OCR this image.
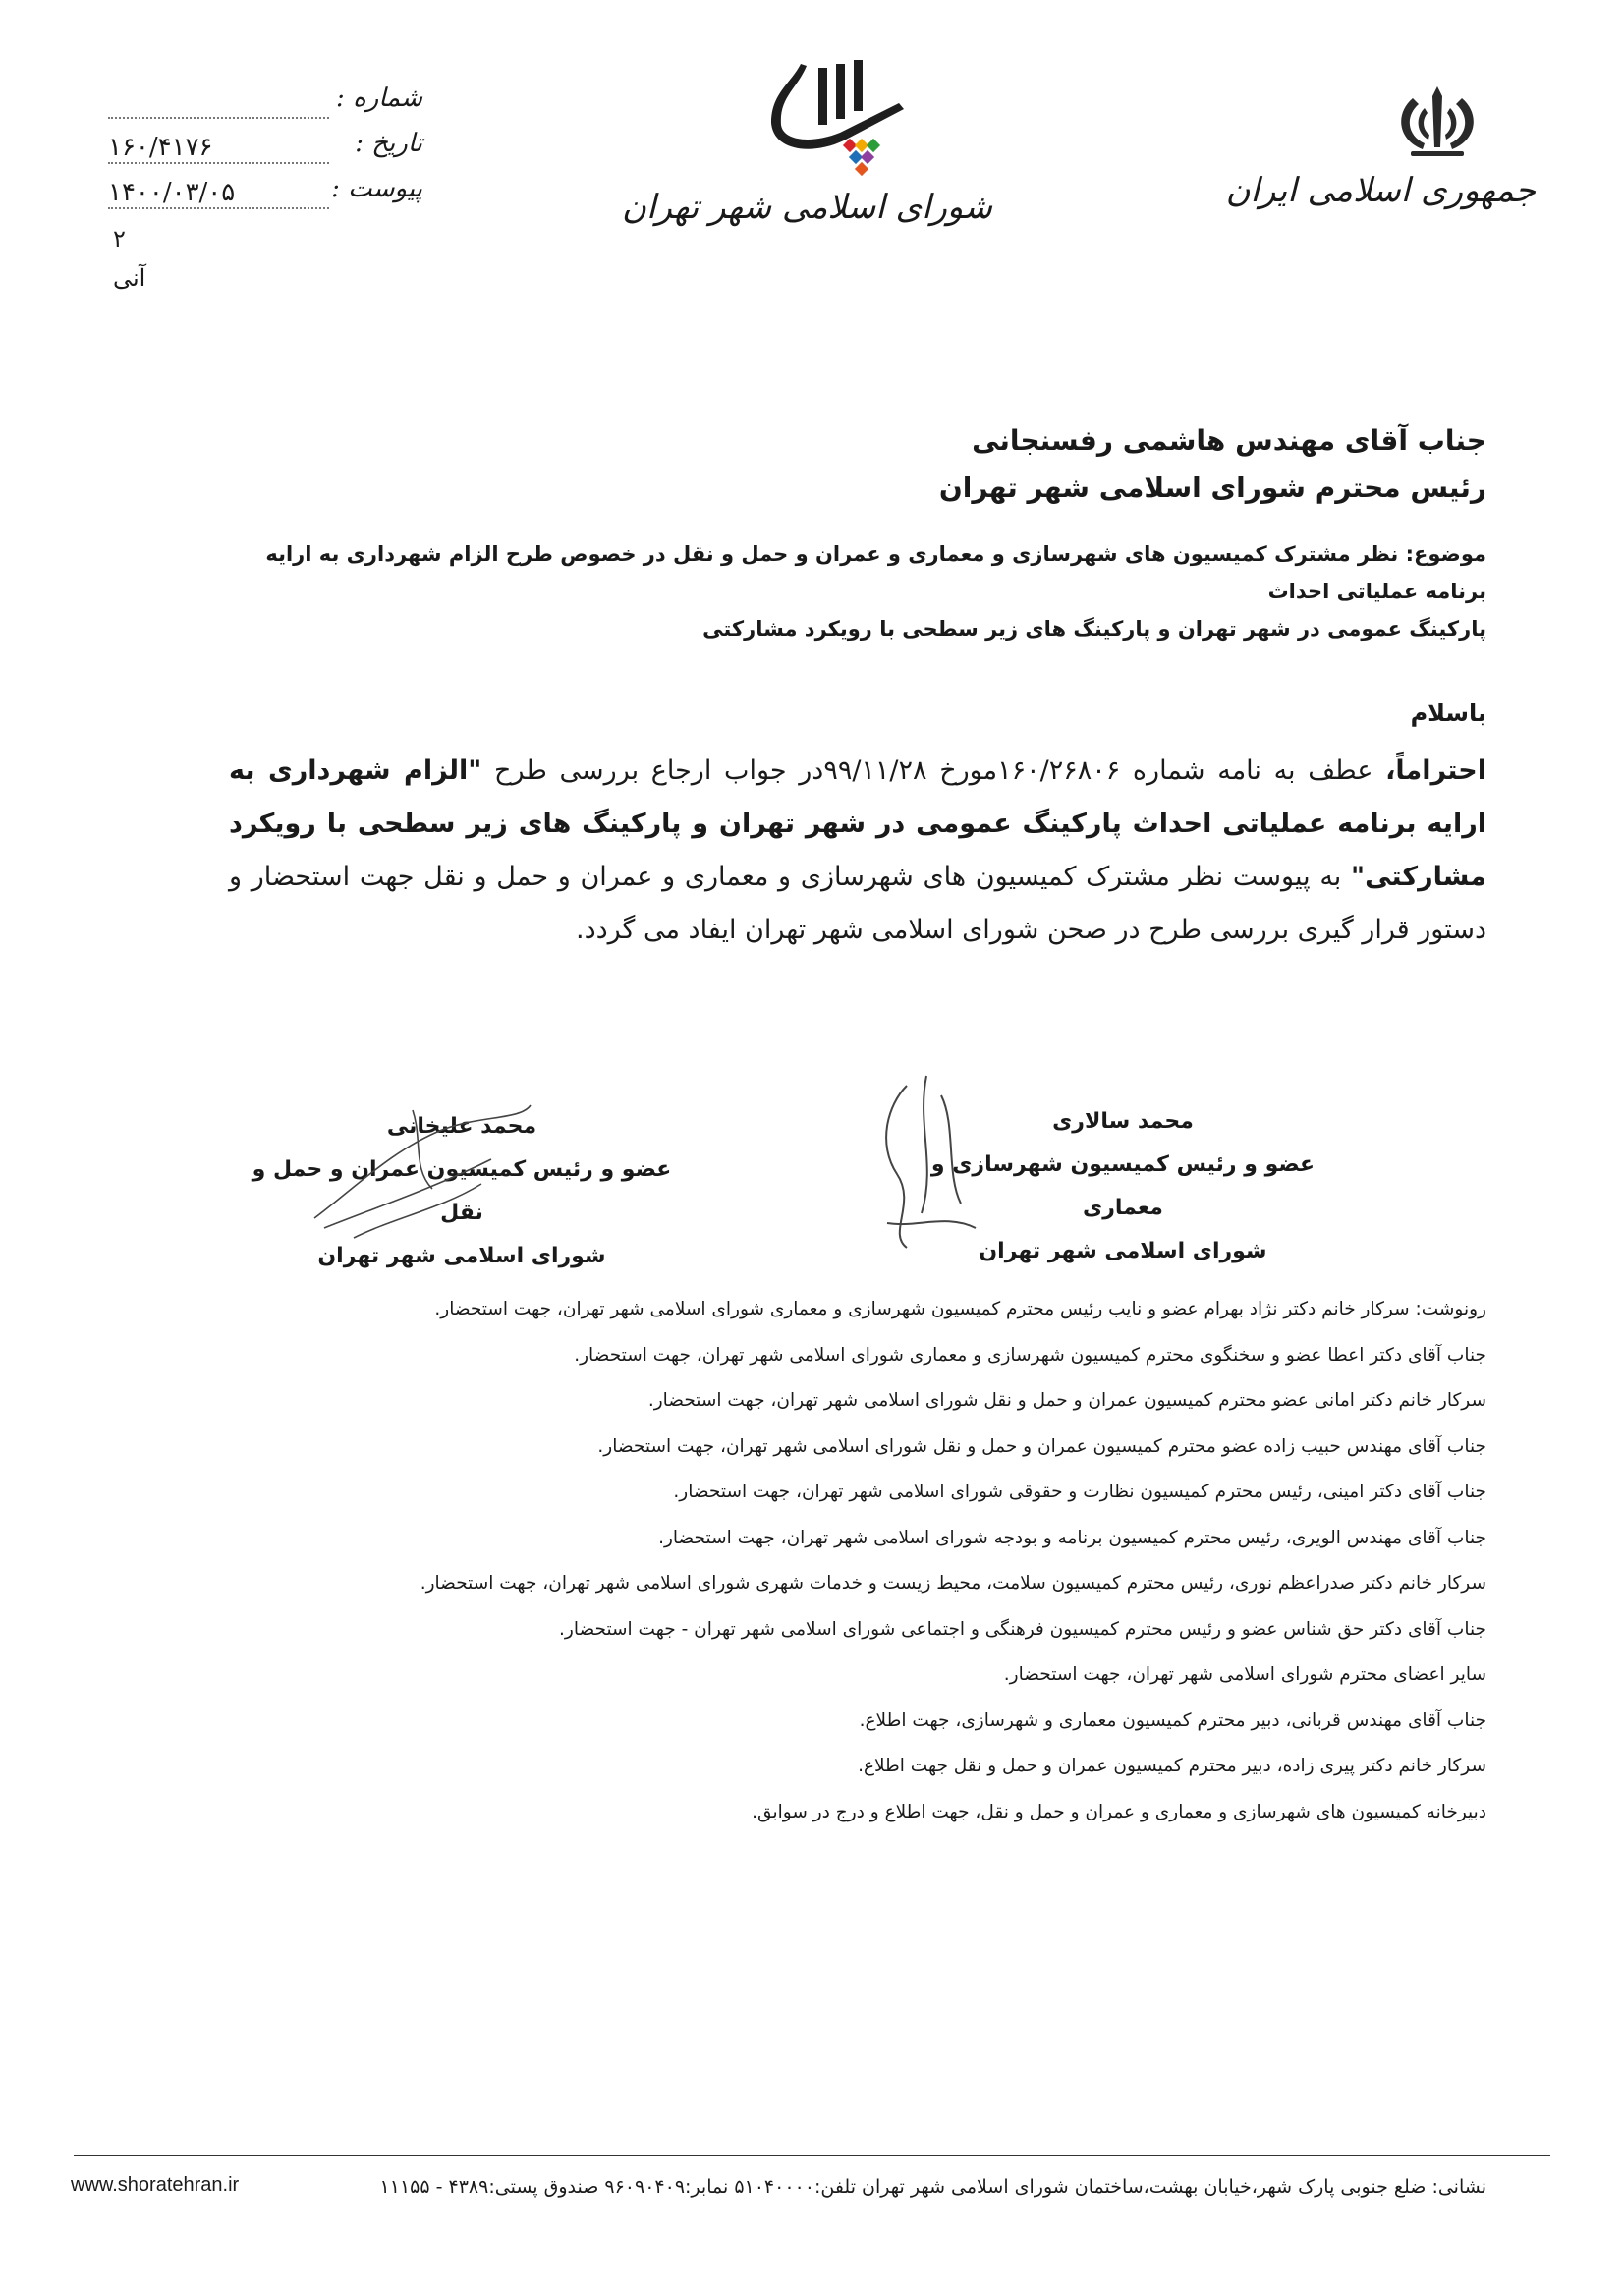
جمهوری اسلامی ایران
شورای اسلامی شهر تهران
شماره :
تاریخ :
۱۶۰/۴۱۷۶
پیوست :
۱۴۰۰/۰۳/۰۵
۲
آنی
جناب آقای مهندس هاشمی رفسنجانی
رئیس محترم شورای اسلامی شهر تهران
موضوع: نظر مشترک کمیسیون های شهرسازی و معماری و عمران و حمل و نقل در خصوص طرح الزام شهرداری به ارایه برنامه عملیاتی احداث
پارکینگ عمومی در شهر تهران و پارکینگ های زیر سطحی با رویکرد مشارکتی
باسلام
احتراماً، عطف به نامه شماره ۱۶۰/۲۶۸۰۶مورخ ۹۹/۱۱/۲۸در جواب ارجاع بررسی طرح "الزام شهرداری به ارایه برنامه عملیاتی احداث پارکینگ عمومی در شهر تهران و پارکینگ های زیر سطحی با رویکرد مشارکتی" به پیوست نظر مشترک کمیسیون های شهرسازی و معماری و عمران و حمل و نقل جهت استحضار و دستور قرار گیری بررسی طرح در صحن شورای اسلامی شهر تهران ایفاد می گردد.
محمد سالاری
عضو و رئیس کمیسیون شهرسازی و معماری
شورای اسلامی شهر تهران
محمد علیخانی
عضو و رئیس کمیسیون عمران و حمل و نقل
شورای اسلامی شهر تهران
رونوشت: سرکار خانم دکتر نژاد بهرام عضو و نایب رئیس محترم کمیسیون شهرسازی و معماری شورای اسلامی شهر تهران، جهت استحضار.
جناب آقای دکتر اعطا عضو و سخنگوی محترم کمیسیون شهرسازی و معماری شورای اسلامی شهر تهران، جهت استحضار.
سرکار خانم دکتر امانی عضو محترم کمیسیون عمران و حمل و نقل شورای اسلامی شهر تهران، جهت استحضار.
جناب آقای مهندس حبیب زاده عضو محترم کمیسیون عمران و حمل و نقل شورای اسلامی شهر تهران، جهت استحضار.
جناب آقای دکتر امینی، رئیس محترم کمیسیون نظارت و حقوقی شورای اسلامی شهر تهران، جهت استحضار.
جناب آقای مهندس الویری، رئیس محترم کمیسیون برنامه و بودجه شورای اسلامی شهر تهران، جهت استحضار.
سرکار خانم دکتر صدراعظم نوری، رئیس محترم کمیسیون سلامت، محیط زیست و خدمات شهری شورای اسلامی شهر تهران، جهت استحضار.
جناب آقای دکتر حق شناس عضو و رئیس محترم کمیسیون فرهنگی و اجتماعی شورای اسلامی شهر تهران - جهت استحضار.
سایر اعضای محترم شورای اسلامی شهر تهران، جهت استحضار.
جناب آقای مهندس قربانی، دبیر محترم کمیسیون معماری و شهرسازی، جهت اطلاع.
سرکار خانم دکتر پیری زاده، دبیر محترم کمیسیون عمران و حمل و نقل جهت اطلاع.
دبیرخانه کمیسیون های شهرسازی و معماری و عمران و حمل و نقل، جهت اطلاع و درج در سوابق.
نشانی: ضلع جنوبی پارک شهر،خیابان بهشت،ساختمان شورای اسلامی شهر تهران تلفن:۵۱۰۴۰۰۰۰ نمابر:۹۶۰۹۰۴۰۹ صندوق پستی:۴۳۸۹ - ۱۱۱۵۵
www.shoratehran.ir
